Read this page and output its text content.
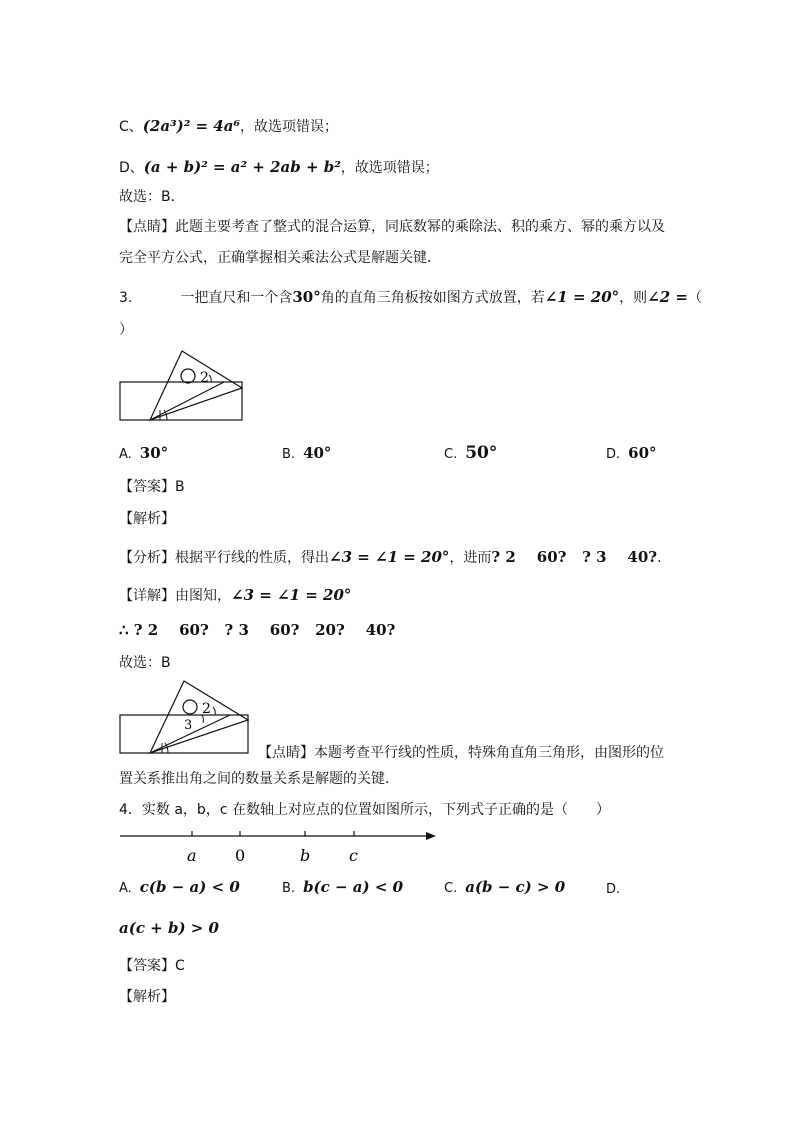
C、(2a³)² = 4a⁶，故选项错误；
D、(a + b)² = a² + 2ab + b²，故选项错误；
故选：B．
【点睛】此题主要考查了整式的混合运算，同底数幂的乘除法、积的乘方、幂的乘方以及
完全平方公式，正确掌握相关乘法公式是解题关键．
3.	一把直尺和一个含30°角的直角三角板按如图方式放置，若∠1 = 20°，则∠2 =（
）
2
A. 30°	B. 40°	C. 50°	D. 60°
【答案】B
【解析】
【分析】根据平行线的性质，得出∠3 = ∠1 = 20°，进而? 2    60?   ? 3    40?.
【详解】由图知，∠3 = ∠1 = 20°
∴ ? 2    60?   ? 3    60?   20?    40?
故选：B
2
3
【点睛】本题考查平行线的性质，特殊角直角三角形，由图形的位
置关系推出角之间的数量关系是解题的关键．
4．实数 a，b，c 在数轴上对应点的位置如图所示，下列式子正确的是（　　）
a 0	b c
A. c(b − a) < 0	B. b(c − a) < 0	C. a(b − c) > 0	D.
a(c + b) > 0
【答案】C
【解析】
